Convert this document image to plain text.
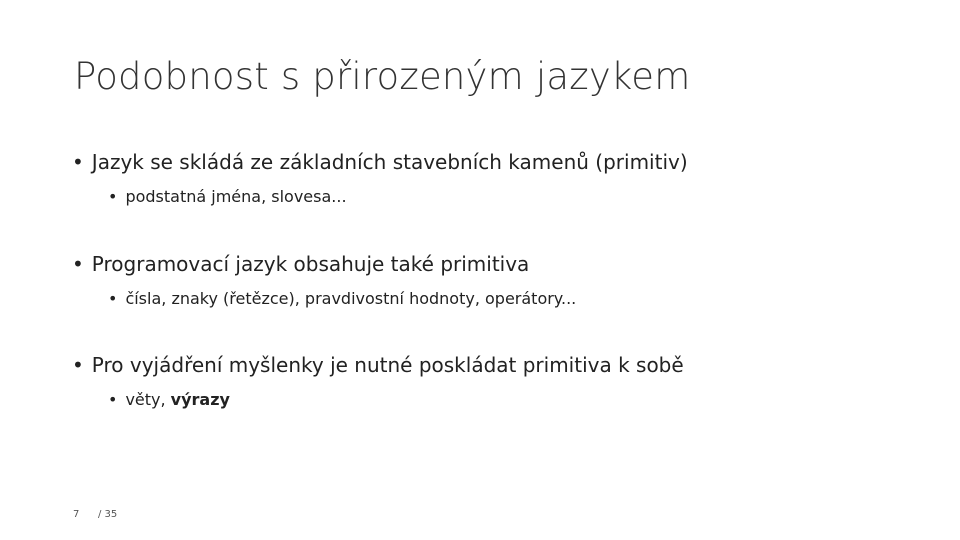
Podobnost s přirozeným jazykem
• Jazyk se skládá ze základních stavebních kamenů (primitiv)
• podstatná jména, slovesa...
• Programovací jazyk obsahuje také primitiva
• čísla, znaky (řetězce), pravdivostní hodnoty, operátory...
• Pro vyjádření myšlenky je nutné poskládat primitiva k sobě
• věty, výrazy
7 / 35
